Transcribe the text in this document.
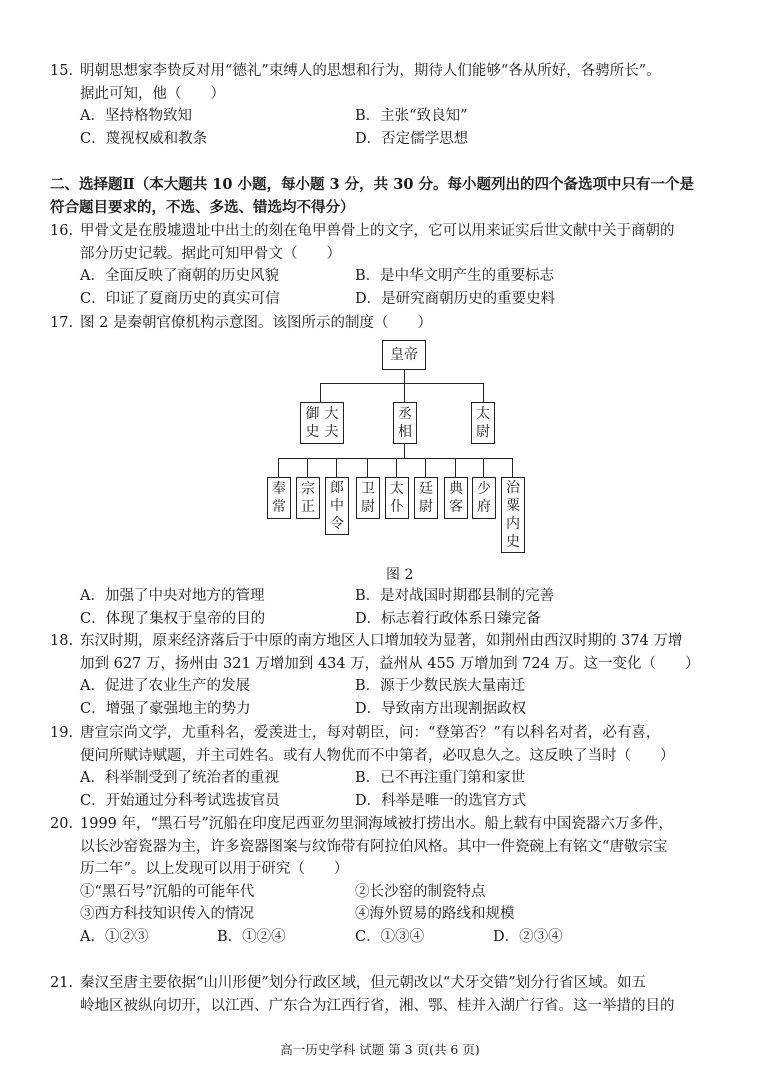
15. 明朝思想家李贽反对用“德礼”束缚人的思想和行为，期待人们能够“各从所好，各骋所长”。
据此可知，他（　　）
A．坚持格物致知	B．主张“致良知”
C．蔑视权威和教条	D．否定儒学思想
二、选择题Ⅱ（本大题共 10 小题，每小题 3 分，共 30 分。每小题列出的四个备选项中只有一个是
符合题目要求的，不选、多选、错选均不得分）
16. 甲骨文是在殷墟遗址中出土的刻在龟甲兽骨上的文字，它可以用来证实后世文献中关于商朝的
部分历史记载。据此可知甲骨文（　　）
A．全面反映了商朝的历史风貌	B．是中华文明产生的重要标志
C．印证了夏商历史的真实可信	D．是研究商朝历史的重要史料
17. 图 2 是秦朝官僚机构示意图。该图所示的制度（　　）
皇帝
大夫
御史
丞相
太尉
奉常
宗正
郎中令
卫尉
太仆
廷尉
典客
少府
治粟内史
图 2
A．加强了中央对地方的管理	B．是对战国时期郡县制的完善
C．体现了集权于皇帝的目的	D．标志着行政体系日臻完备
18. 东汉时期，原来经济落后于中原的南方地区人口增加较为显著，如荆州由西汉时期的 374 万增
加到 627 万，扬州由 321 万增加到 434 万，益州从 455 万增加到 724 万。这一变化（　　）
A．促进了农业生产的发展	B．源于少数民族大量南迁
C．增强了豪强地主的势力	D．导致南方出现割据政权
19. 唐宣宗尚文学，尤重科名，爱羡进士，每对朝臣，问：“登第否？”有以科名对者，必有喜，
便问所赋诗赋题，并主司姓名。或有人物优而不中第者，必叹息久之。这反映了当时（　　）
A．科举制受到了统治者的重视	B．已不再注重门第和家世
C．开始通过分科考试选拔官员	D．科举是唯一的选官方式
20. 1999 年，“黑石号”沉船在印度尼西亚勿里洞海域被打捞出水。船上载有中国瓷器六万多件，
以长沙窑瓷器为主，许多瓷器图案与纹饰带有阿拉伯风格。其中一件瓷碗上有铭文“唐敬宗宝
历二年”。以上发现可以用于研究（　　）
①“黑石号”沉船的可能年代	②长沙窑的制瓷特点
③西方科技知识传入的情况	④海外贸易的路线和规模
A．①②③	B．①②④	C．①③④	D．②③④
21. 秦汉至唐主要依据“山川形便”划分行政区域，但元朝改以“犬牙交错”划分行省区域。如五
岭地区被纵向切开，以江西、广东合为江西行省，湘、鄂、桂并入湖广行省。这一举措的目的
高一历史学科 试题 第 3 页(共 6 页)
